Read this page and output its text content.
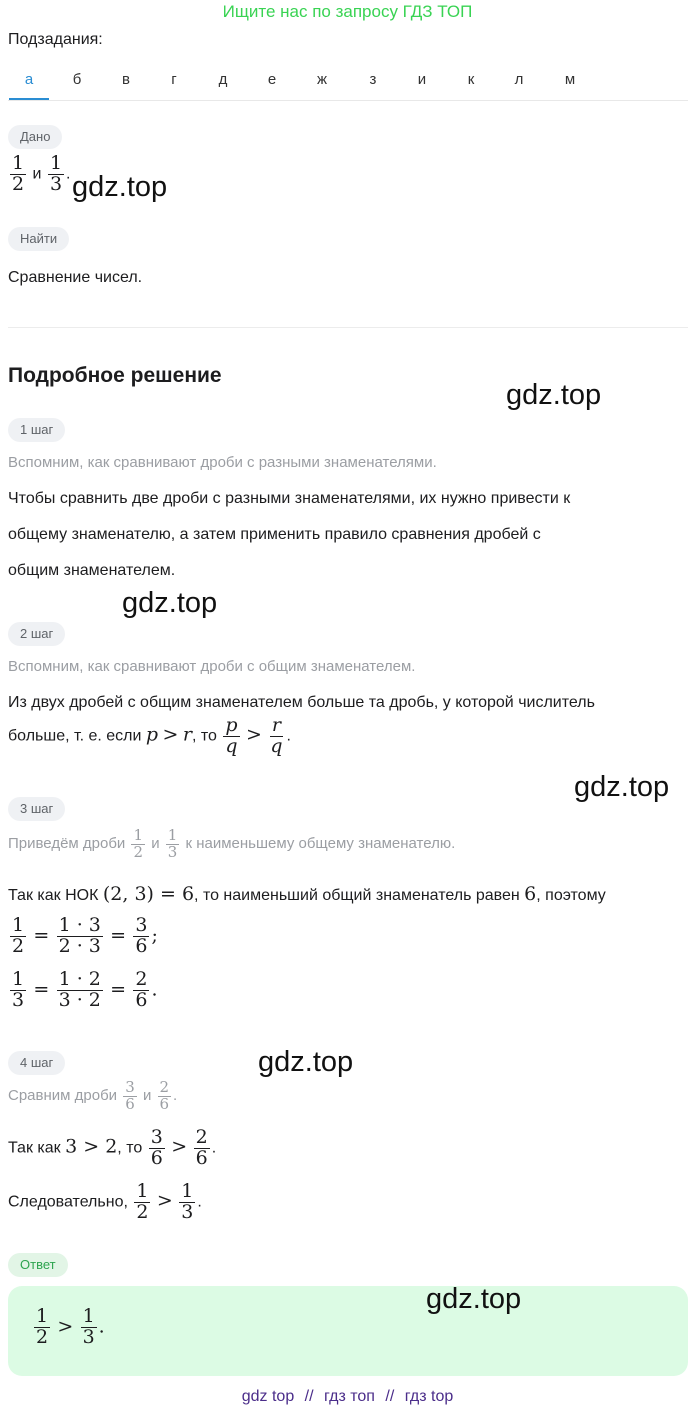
Ищите нас по запросу ГДЗ ТОП
Подзадания:
а	б	в	г	д	е	ж	з	и	к	л	м
Дано
$\frac{1}{2}$ и $\frac{1}{3}$ . gdz.top
Найти
Сравнение чисел.
Подробное решение
gdz.top
1 шаг
Вспомним, как сравнивают дроби с разными знаменателями.
Чтобы сравнить две дроби с разными знаменателями, их нужно привести к
общему знаменателю, а затем применить правило сравнения дробей с
общим знаменателем.
gdz.top
2 шаг
Вспомним, как сравнивают дроби с общим знаменателем.
Из двух дробей с общим знаменателем больше та дробь, у которой числитель
больше, т. е. если p > r, то $\frac{p}{q} > \frac{r}{q}$ .
gdz.top
3 шаг
Приведём дроби $\frac{1}{2}$ и $\frac{1}{3}$ к наименьшему общему знаменателю.
Так как НОК (2, 3) = 6, то наименьший общий знаменатель равен 6, поэтому
$\frac{1}{2} = \frac{1 \cdot 3}{2 \cdot 3} = \frac{3}{6}$ ;
$\frac{1}{3} = \frac{1 \cdot 2}{3 \cdot 2} = \frac{2}{6}$ .
4 шаг	gdz.top
Сравним дроби $\frac{3}{6}$ и $\frac{2}{6}$ .
Так как 3 > 2, то $\frac{3}{6} > \frac{2}{6}$ .
Следовательно, $\frac{1}{2} > \frac{1}{3}$ .
Ответ
$\frac{1}{2} > \frac{1}{3}$ .
gdz.top
gdz top // гдз топ // гдз top
